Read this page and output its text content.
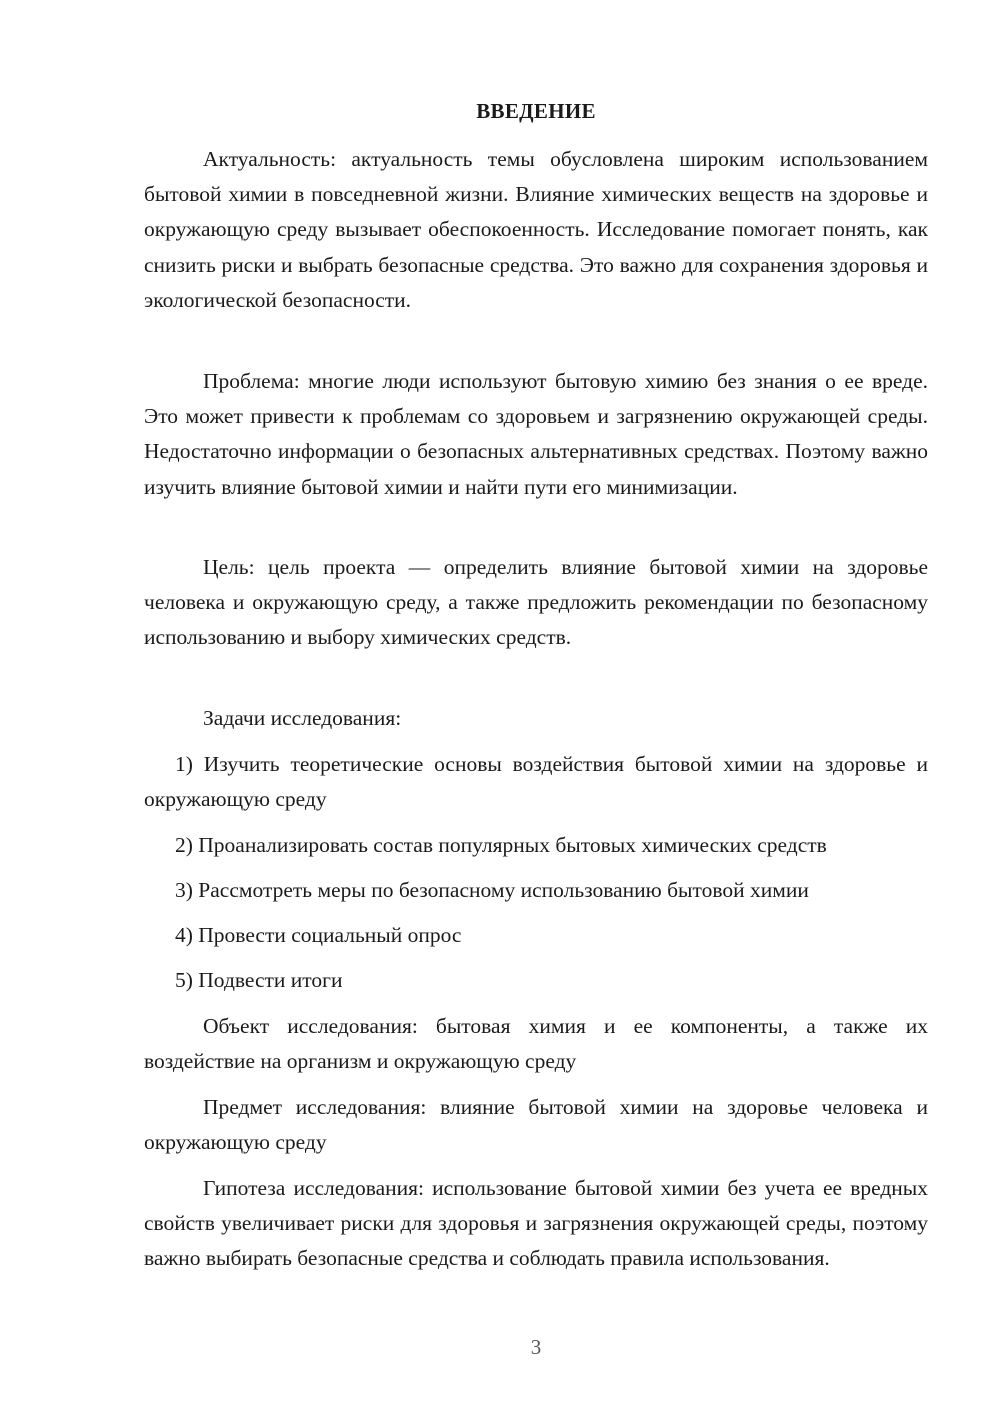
ВВЕДЕНИЕ

Актуальность: актуальность темы обусловлена широким использованием бытовой химии в повседневной жизни. Влияние химических веществ на здоровье и окружающую среду вызывает обеспокоенность. Исследование помогает понять, как снизить риски и выбрать безопасные средства. Это важно для сохранения здоровья и экологической безопасности.

Проблема: многие люди используют бытовую химию без знания о ее вреде. Это может привести к проблемам со здоровьем и загрязнению окружающей среды. Недостаточно информации о безопасных альтернативных средствах. Поэтому важно изучить влияние бытовой химии и найти пути его минимизации.

Цель: цель проекта — определить влияние бытовой химии на здоровье человека и окружающую среду, а также предложить рекомендации по безопасному использованию и выбору химических средств.

Задачи исследования:

1) Изучить теоретические основы воздействия бытовой химии на здоровье и окружающую среду

2) Проанализировать состав популярных бытовых химических средств

3) Рассмотреть меры по безопасному использованию бытовой химии

4) Провести социальный опрос

5) Подвести итоги

Объект исследования: бытовая химия и ее компоненты, а также их воздействие на организм и окружающую среду

Предмет исследования: влияние бытовой химии на здоровье человека и окружающую среду

Гипотеза исследования: использование бытовой химии без учета ее вредных свойств увеличивает риски для здоровья и загрязнения окружающей среды, поэтому важно выбирать безопасные средства и соблюдать правила использования.

3
